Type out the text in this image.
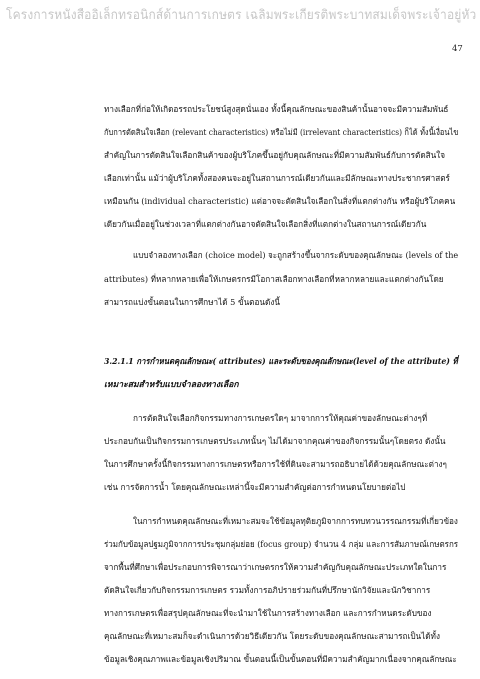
โครงการหนังสืออิเล็กทรอนิกส์ด้านการเกษตร เฉลิมพระเกียรติพระบาทสมเด็จพระเจ้าอยู่หัว
47
ทางเลือกที่ก่อให้เกิดอรรถประโยชน์สูงสุดนั่นเอง ทั้งนี้คุณลักษณะของสินค้านั้นอาจจะมีความสัมพันธ์
กับการตัดสินใจเลือก (relevant characteristics) หรือไม่มี (irrelevant characteristics) ก็ได้ ทั้งนี้เงื่อนไข
สำคัญในการตัดสินใจเลือกสินค้าของผู้บริโภคขึ้นอยู่กับคุณลักษณะที่มีความสัมพันธ์กับการตัดสินใจ
เลือกเท่านั้น แม้ว่าผู้บริโภคทั้งสองคนจะอยู่ในสถานการณ์เดียวกันและมีลักษณะทางประชากรศาสตร์
เหมือนกัน (individual characteristic) แต่อาจจะตัดสินใจเลือกในสิ่งที่แตกต่างกัน หรือผู้บริโภคคน
เดียวกันเมื่ออยู่ในช่วงเวลาที่แตกต่างกันอาจตัดสินใจเลือกสิ่งที่แตกต่างในสถานการณ์เดียวกัน
แบบจำลองทางเลือก (choice model) จะถูกสร้างขึ้นจากระดับของคุณลักษณะ (levels of the
attributes) ที่หลากหลายเพื่อให้เกษตรกรมีโอกาสเลือกทางเลือกที่หลากหลายและแตกต่างกันโดย
สามารถแบ่งขั้นตอนในการศึกษาได้ 5 ขั้นตอนดังนี้
3.2.1.1 การกำหนดคุณลักษณะ( attributes) และระดับของคุณลักษณะ(level of the attribute) ที่
เหมาะสมสำหรับแบบจำลองทางเลือก
การตัดสินใจเลือกกิจกรรมทางการเกษตรใดๆ มาจากการให้คุณค่าของลักษณะต่างๆที่
ประกอบกันเป็นกิจกรรมการเกษตรประเภทนั้นๆ ไม่ได้มาจากคุณค่าของกิจกรรมนั้นๆโดยตรง ดังนั้น
ในการศึกษาครั้งนี้กิจกรรมทางการเกษตรหรือการใช้ที่ดินจะสามารถอธิบายได้ด้วยคุณลักษณะต่างๆ
เช่น การจัดการน้ำ โดยคุณลักษณะเหล่านี้จะมีความสำคัญต่อการกำหนดนโยบายต่อไป
ในการกำหนดคุณลักษณะที่เหมาะสมจะใช้ข้อมูลทุติยภูมิจากการทบทวนวรรณกรรมที่เกี่ยวข้อง
ร่วมกับข้อมูลปฐมภูมิจากการประชุมกลุ่มย่อย (focus group) จำนวน 4 กลุ่ม และการสัมภาษณ์เกษตรกร
จากพื้นที่ศึกษาเพื่อประกอบการพิจารณาว่าเกษตรกรให้ความสำคัญกับคุณลักษณะประเภทใดในการ
ตัดสินใจเกี่ยวกับกิจกรรมการเกษตร รวมทั้งการอภิปรายร่วมกันที่ปรึกษานักวิจัยและนักวิชาการ
ทางการเกษตรเพื่อสรุปคุณลักษณะที่จะนำมาใช้ในการสร้างทางเลือก และการกำหนดระดับของ
คุณลักษณะที่เหมาะสมก็จะดำเนินการด้วยวิธีเดียวกัน โดยระดับของคุณลักษณะสามารถเป็นได้ทั้ง
ข้อมูลเชิงคุณภาพและข้อมูลเชิงปริมาณ ขั้นตอนนี้เป็นขั้นตอนที่มีความสำคัญมากเนื่องจากคุณลักษณะ
